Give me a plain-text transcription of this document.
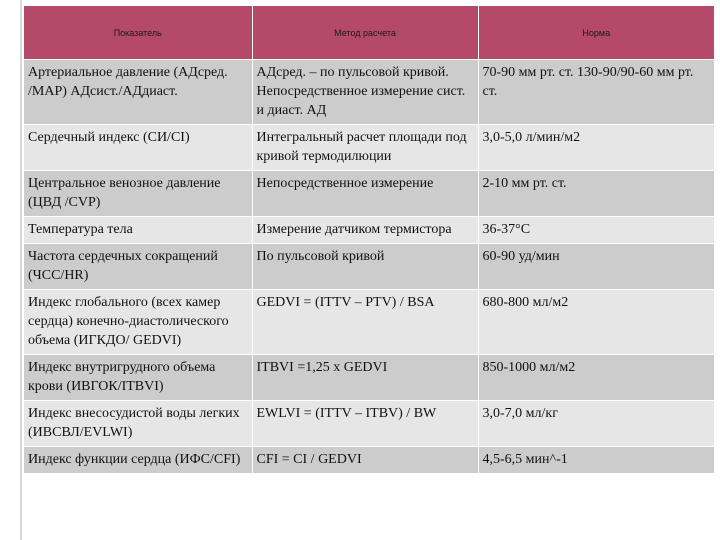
Показатель	Метод расчета	Норма

Артериальное давление (АДсред. /MAP) АДсист./АДдиаст.	АДсред. – по пульсовой кривой. Непосредственное измерение сист. и диаст. АД	70-90 мм рт. ст. 130-90/90-60 мм рт. ст.

Сердечный индекс (СИ/CI)	Интегральный расчет площади под кривой термодилюции	3,0-5,0 л/мин/м2

Центральное венозное давление (ЦВД /CVP)	Непосредственное измерение	2-10 мм рт. ст.

Температура тела	Измерение датчиком термистора	36-37°C

Частота сердечных сокращений (ЧСС/HR)	По пульсовой кривой	60-90 уд/мин

Индекс глобального (всех камер сердца) конечно-диастолического объема (ИГКДО/ GEDVI)	GEDVI = (ITTV – PTV) / BSA	680-800 мл/м2

Индекс внутригрудного объема крови (ИВГОК/ITBVI)	ITBVI =1,25 x GEDVI	850-1000 мл/м2

Индекс внесосудистой воды легких (ИВСВЛ/EVLWI)	EWLVI = (ITTV – ITBV) / BW	3,0-7,0 мл/кг

Индекс функции сердца (ИФС/CFI)	CFI = CI / GEDVI	4,5-6,5 мин^-1
